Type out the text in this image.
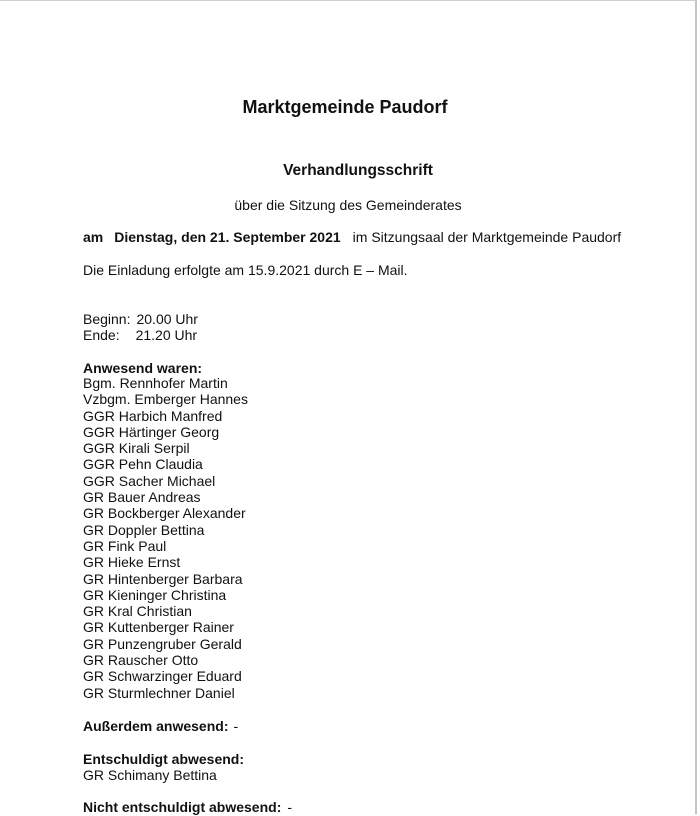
Marktgemeinde Paudorf
Verhandlungsschrift
über die Sitzung des Gemeinderates
am Dienstag, den 21. September 2021 im Sitzungsaal der Marktgemeinde Paudorf
Die Einladung erfolgte am 15.9.2021 durch E – Mail.
Beginn: 20.00 Uhr
Ende: 21.20 Uhr
Anwesend waren:
Bgm. Rennhofer Martin
Vzbgm. Emberger Hannes
GGR Harbich Manfred
GGR Härtinger Georg
GGR Kirali Serpil
GGR Pehn Claudia
GGR Sacher Michael
GR Bauer Andreas
GR Bockberger Alexander
GR Doppler Bettina
GR Fink Paul
GR Hieke Ernst
GR Hintenberger Barbara
GR Kieninger Christina
GR Kral Christian
GR Kuttenberger Rainer
GR Punzengruber Gerald
GR Rauscher Otto
GR Schwarzinger Eduard
GR Sturmlechner Daniel
Außerdem anwesend: -
Entschuldigt abwesend:
GR Schimany Bettina
Nicht entschuldigt abwesend: -
